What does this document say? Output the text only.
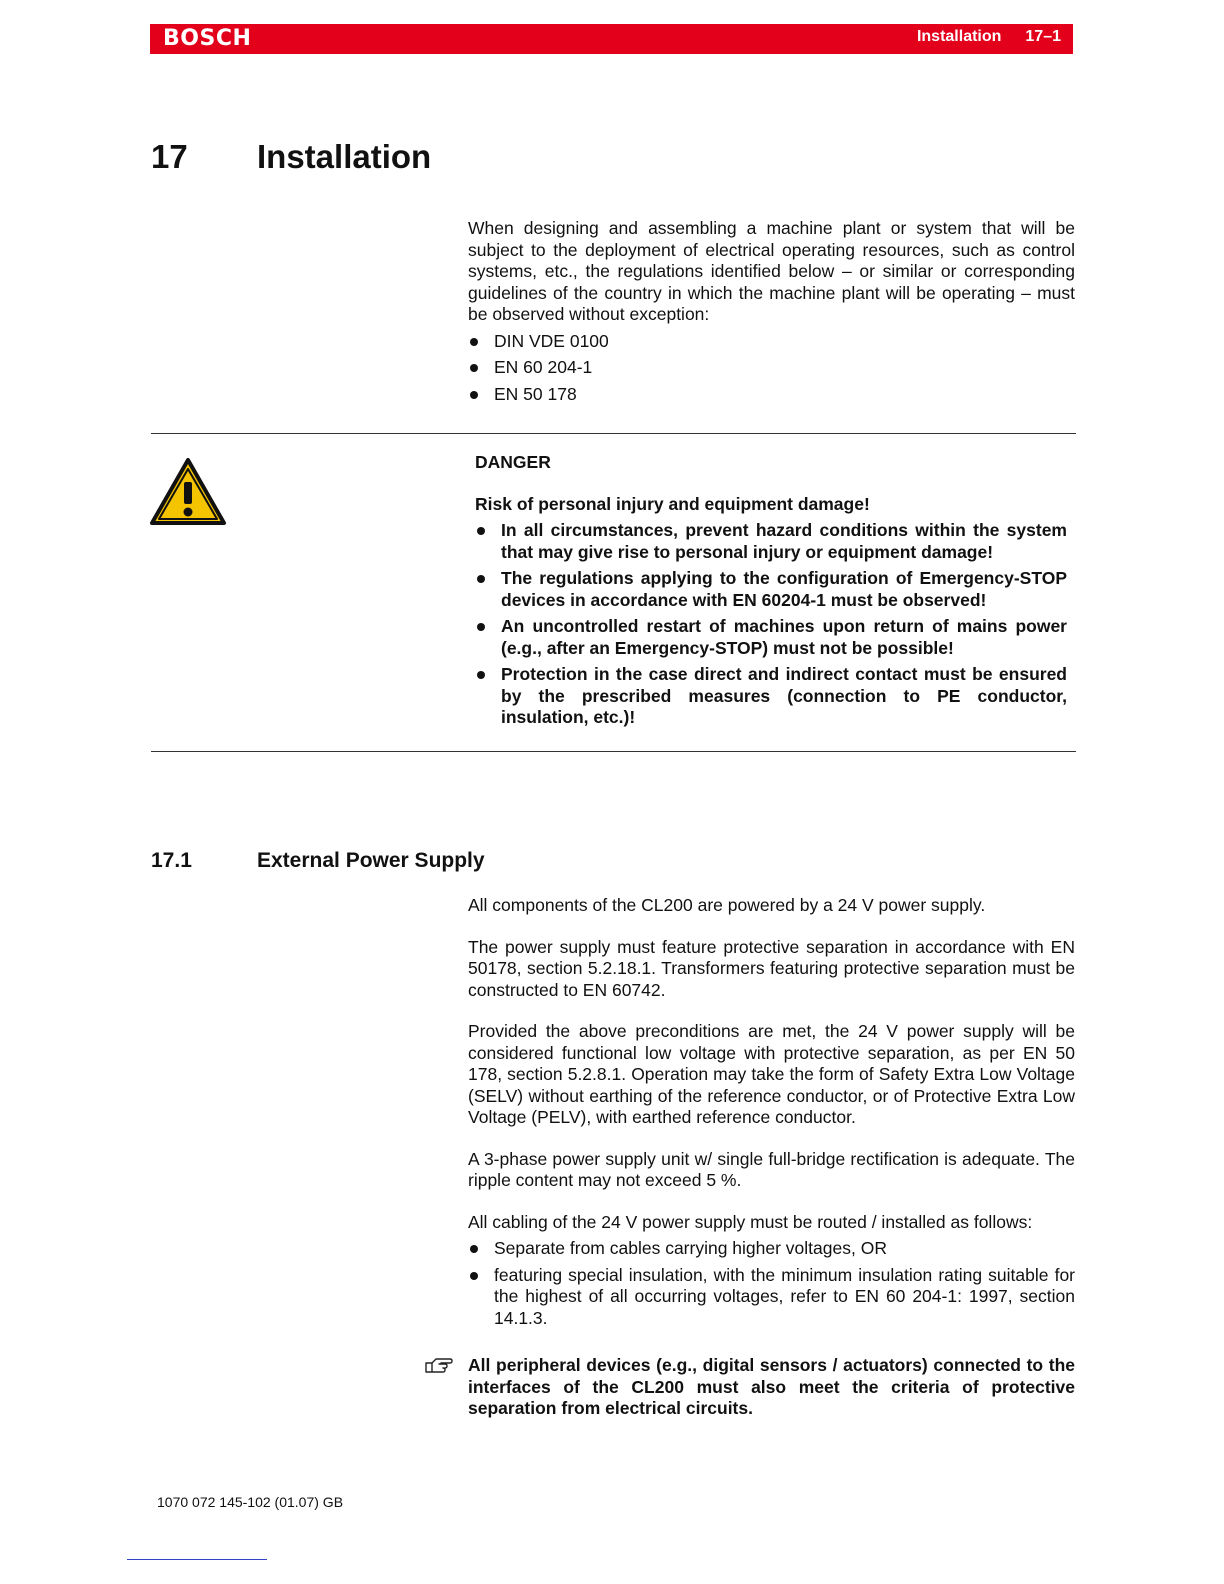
BOSCH	Installation 17–1
17 Installation

When designing and assembling a machine plant or system that will be subject to the deployment of electrical operating resources, such as control systems, etc., the regulations identified below – or similar or corresponding guidelines of the country in which the machine plant will be operating – must be observed without exception:

DIN VDE 0100
EN 60 204-1
EN 50 178

DANGER

Risk of personal injury and equipment damage!

In all circumstances, prevent hazard conditions within the system that may give rise to personal injury or equipment damage!
The regulations applying to the configuration of Emergency-STOP devices in accordance with EN 60204-1 must be observed!
An uncontrolled restart of machines upon return of mains power (e.g., after an Emergency-STOP) must not be possible!
Protection in the case direct and indirect contact must be ensured by the prescribed measures (connection to PE conductor, insulation, etc.)!
17.1	External Power Supply

All components of the CL200 are powered by a 24 V power supply.

The power supply must feature protective separation in accordance with EN 50178, section 5.2.18.1. Transformers featuring protective separation must be constructed to EN 60742.

Provided the above preconditions are met, the 24 V power supply will be considered functional low voltage with protective separation, as per EN 50 178, section 5.2.8.1. Operation may take the form of Safety Extra Low Voltage (SELV) without earthing of the reference conductor, or of Protective Extra Low Voltage (PELV), with earthed reference conductor.

A 3-phase power supply unit w/ single full-bridge rectification is adequate. The ripple content may not exceed 5 %.

All cabling of the 24 V power supply must be routed / installed as follows:

Separate from cables carrying higher voltages, OR
featuring special insulation, with the minimum insulation rating suitable for the highest of all occurring voltages, refer to EN 60 204-1: 1997, section 14.1.3.

All peripheral devices (e.g., digital sensors / actuators) connected to the interfaces of the CL200 must also meet the criteria of protective separation from electrical circuits.

1070 072 145-102 (01.07) GB
